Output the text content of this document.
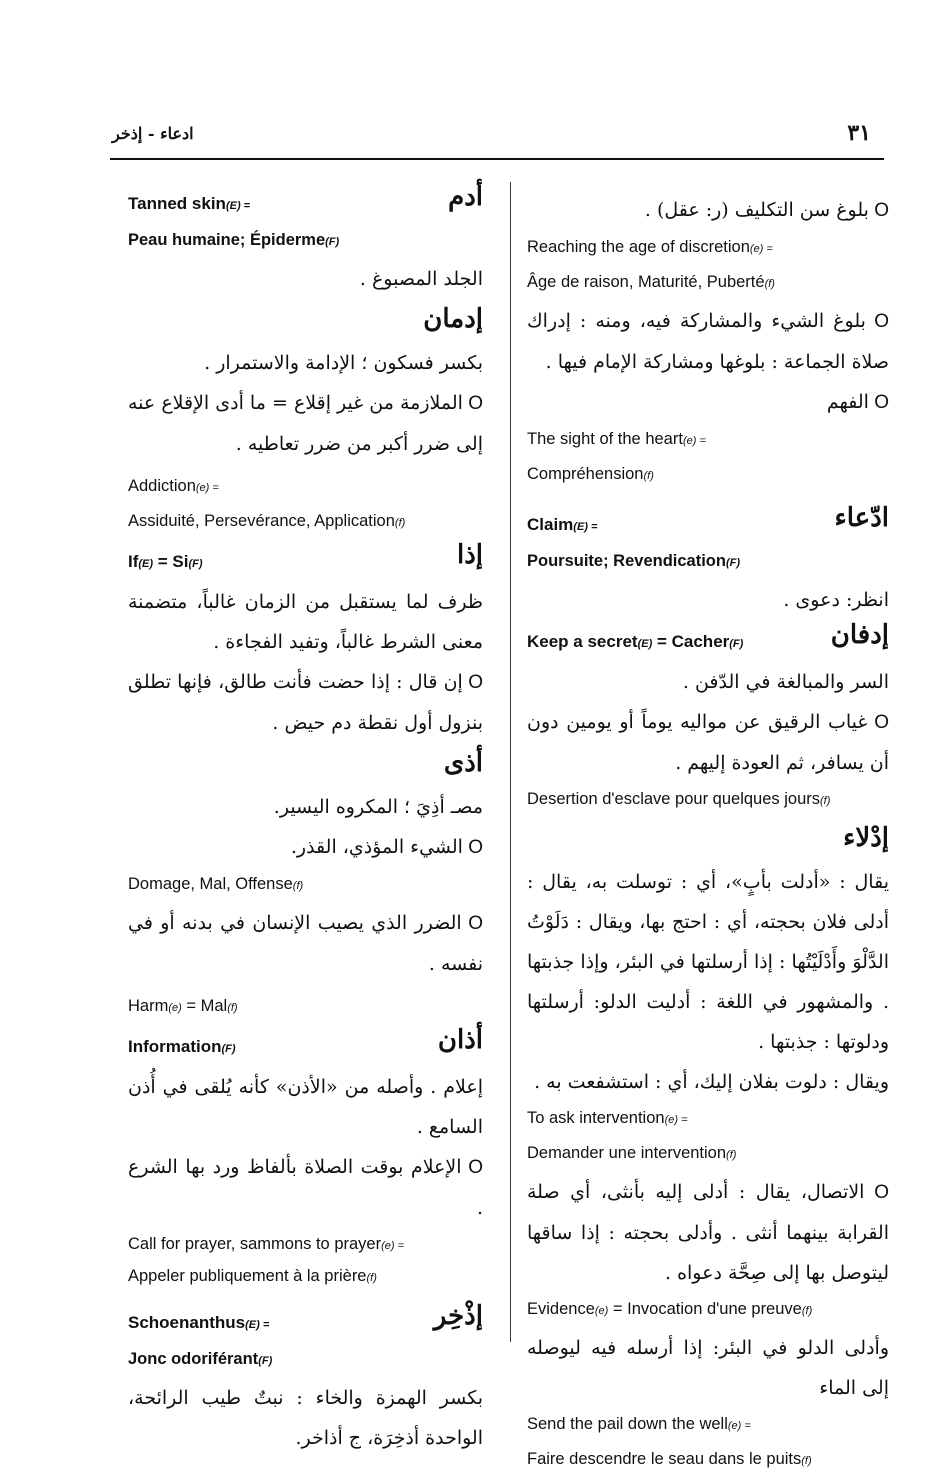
ادعاء - إذخر	٣١
أدم
Tanned skin(E) =

Peau humaine; Épiderme(F)

الجلد المصبوغ .

إدمان

بكسر فسكون ؛ الإدامة والاستمرار .

O الملازمة من غير إقلاع = ما أدى الإقلاع عنه إلى ضرر أكبر من ضرر تعاطيه .

Addiction(e) =

Assiduité, Persevérance, Application(f)

إذا
If(E) = Si(F)

ظرف لما يستقبل من الزمان غالباً، متضمنة معنى الشرط غالباً، وتفيد الفجاءة .

O إن قال : إذا حضت فأنت طالق، فإنها تطلق بنزول أول نقطة دم حيض .

أذى

مصـ أذِيَ ؛ المكروه اليسير.

O الشيء المؤذي، القذر.

Domage, Mal, Offense(f)

O الضرر الذي يصيب الإنسان في بدنه أو في نفسه .

Harm(e) = Mal(f)

أذان
Information(F)

إعلام . وأصله من «الأذن» كأنه يُلقى في أُذن السامع .

O الإعلام بوقت الصلاة بألفاظ ورد بها الشرع .

Call for prayer, sammons to prayer(e) =

Appeler publiquement à la prière(f)

إذْخِر
Schoenanthus(E) =

Jonc odoriférant(F)

بكسر الهمزة والخاء : نبتٌ طيب الرائحة، الواحدة أذخِرَة، ج أذاخر.

O بلوغ سن التكليف (ر: عقل) .

Reaching the age of discretion(e) =

Âge de raison, Maturité, Puberté(f)

O بلوغ الشيء والمشاركة فيه، ومنه : إدراك صلاة الجماعة : بلوغها ومشاركة الإمام فيها .

O الفهم

The sight of the heart(e) =

Compréhension(f)

ادّعاء
Claim(E) =

Poursuite; Revendication(F)

انظر: دعوى .

إدفان
Keep a secret(E) = Cacher(F)

السر والمبالغة في الدّفن .

O غياب الرقيق عن مواليه يوماً أو يومين دون أن يسافر، ثم العودة إليهم .

Desertion d'esclave pour quelques jours(f)

إدْلاء

يقال : «أدلت بأبٍ»، أي : توسلت به، يقال : أدلى فلان بحجته، أي : احتج بها، ويقال : دَلَوْتُ الدَّلْوَ وأَدْلَيْتُها : إذا أرسلتها في البئر، وإذا جذبتها . والمشهور في اللغة : أدليت الدلو: أرسلتها ودلوتها : جذبتها .

ويقال : دلوت بفلان إليك، أي : استشفعت به .

To ask intervention(e) =

Demander une intervention(f)

O الاتصال، يقال : أدلى إليه بأنثى، أي صلة القرابة بينهما أنثى . وأدلى بحجته : إذا ساقها ليتوصل بها إلى صِحَّة دعواه .

Evidence(e) = Invocation d'une preuve(f)

وأدلى الدلو في البئر: إذا أرسله فيه ليوصله إلى الماء

Send the pail down the well(e) =

Faire descendre le seau dans le puits(f)
